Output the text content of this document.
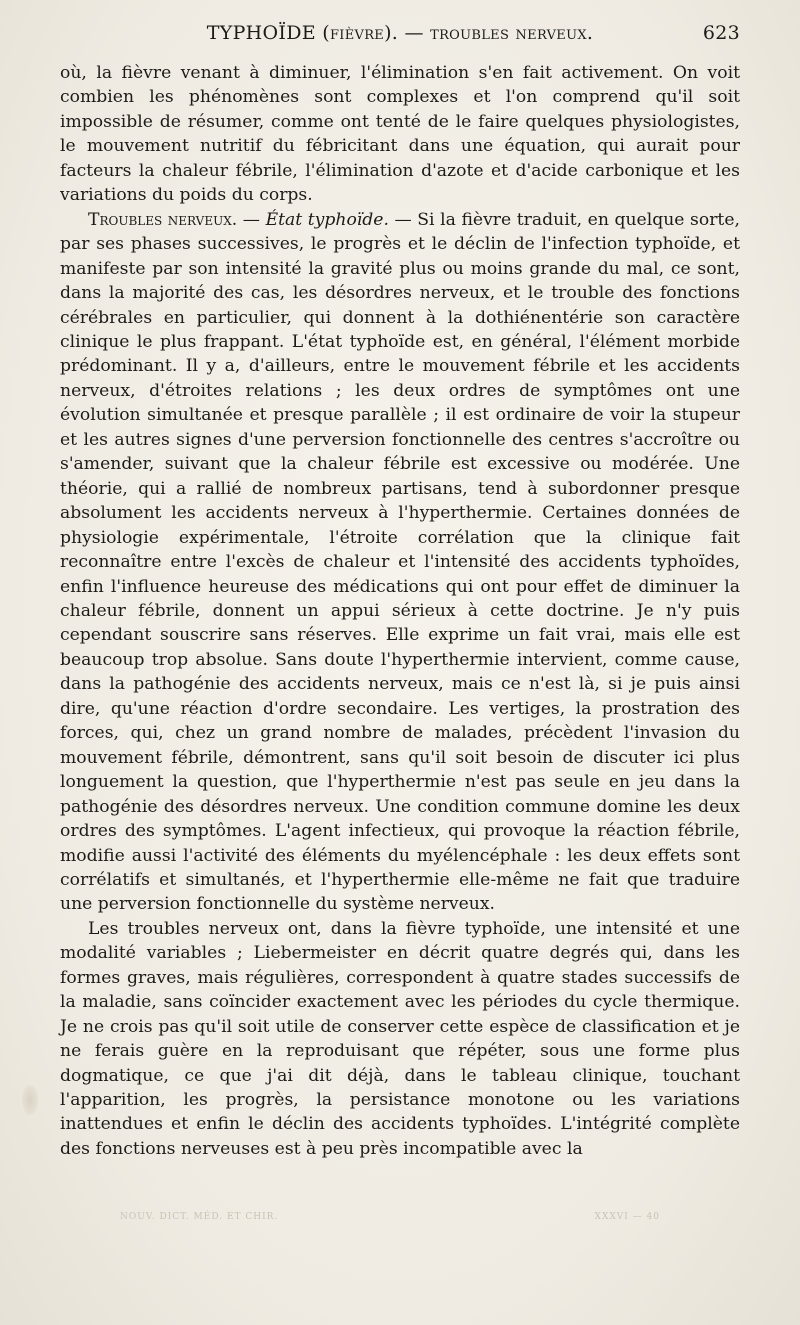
TYPHOÏDE (fièvre). — troubles nerveux.	623

où, la fièvre venant à diminuer, l'élimination s'en fait activement. On voit combien les phénomènes sont complexes et l'on comprend qu'il soit impossible de résumer, comme ont tenté de le faire quelques physiologistes, le mouvement nutritif du fébricitant dans une équation, qui aurait pour facteurs la chaleur fébrile, l'élimination d'azote et d'acide carbonique et les variations du poids du corps.

Troubles nerveux. — État typhoïde. — Si la fièvre traduit, en quelque sorte, par ses phases successives, le progrès et le déclin de l'infection typhoïde, et manifeste par son intensité la gravité plus ou moins grande du mal, ce sont, dans la majorité des cas, les désordres nerveux, et le trouble des fonctions cérébrales en particulier, qui donnent à la dothiénentérie son caractère clinique le plus frappant. L'état typhoïde est, en général, l'élément morbide prédominant. Il y a, d'ailleurs, entre le mouvement fébrile et les accidents nerveux, d'étroites relations ; les deux ordres de symptômes ont une évolution simultanée et presque parallèle ; il est ordinaire de voir la stupeur et les autres signes d'une perversion fonctionnelle des centres s'accroître ou s'amender, suivant que la chaleur fébrile est excessive ou modérée. Une théorie, qui a rallié de nombreux partisans, tend à subordonner presque absolument les accidents nerveux à l'hyperthermie. Certaines données de physiologie expérimentale, l'étroite corrélation que la clinique fait reconnaître entre l'excès de chaleur et l'intensité des accidents typhoïdes, enfin l'influence heureuse des médications qui ont pour effet de diminuer la chaleur fébrile, donnent un appui sérieux à cette doctrine. Je n'y puis cependant souscrire sans réserves. Elle exprime un fait vrai, mais elle est beaucoup trop absolue. Sans doute l'hyperthermie intervient, comme cause, dans la pathogénie des accidents nerveux, mais ce n'est là, si je puis ainsi dire, qu'une réaction d'ordre secondaire. Les vertiges, la prostration des forces, qui, chez un grand nombre de malades, précèdent l'invasion du mouvement fébrile, démontrent, sans qu'il soit besoin de discuter ici plus longuement la question, que l'hyperthermie n'est pas seule en jeu dans la pathogénie des désordres nerveux. Une condition commune domine les deux ordres des symptômes. L'agent infectieux, qui provoque la réaction fébrile, modifie aussi l'activité des éléments du myélencéphale : les deux effets sont corrélatifs et simultanés, et l'hyperthermie elle-même ne fait que traduire une perversion fonctionnelle du système nerveux.

Les troubles nerveux ont, dans la fièvre typhoïde, une intensité et une modalité variables ; Liebermeister en décrit quatre degrés qui, dans les formes graves, mais régulières, correspondent à quatre stades successifs de la maladie, sans coïncider exactement avec les périodes du cycle thermique. Je ne crois pas qu'il soit utile de conserver cette espèce de classification et je ne ferais guère en la reproduisant que répéter, sous une forme plus dogmatique, ce que j'ai dit déjà, dans le tableau clinique, touchant l'apparition, les progrès, la persistance monotone ou les variations inattendues et enfin le déclin des accidents typhoïdes. L'intégrité complète des fonctions nerveuses est à peu près incompatible avec la

NOUV. DICT. MÉD. ET CHIR.	XXXVI — 40
